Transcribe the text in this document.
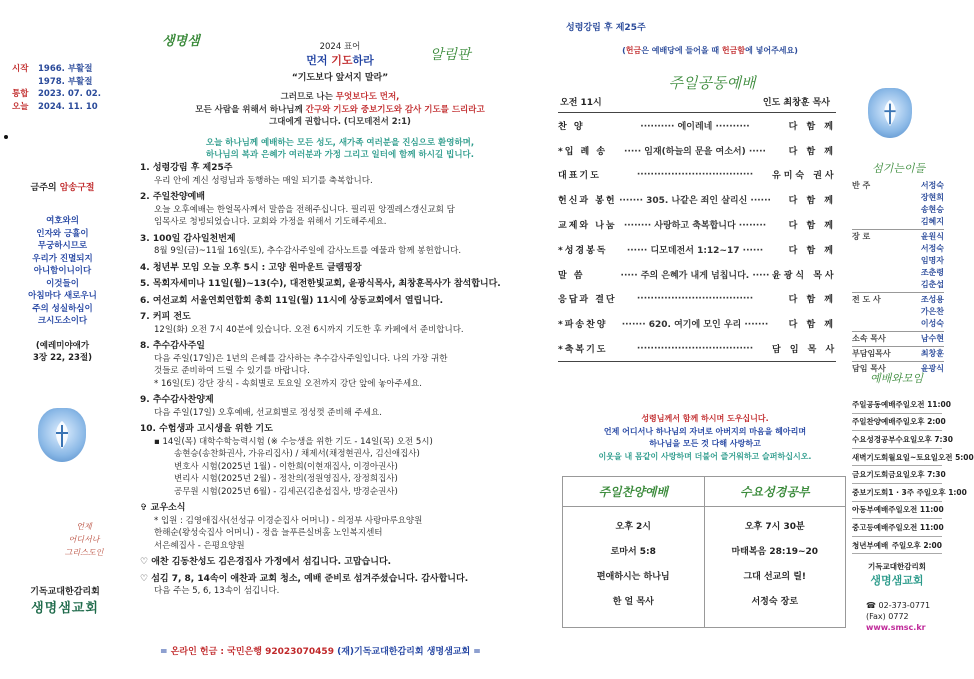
시작 1966. 부활절
1978. 부활절
통합 2023. 07. 02.
오늘 2024. 11. 10
금주의 암송구절
여호와의
인자와 긍휼이
무궁하시므로
우리가 진멸되지
아니함이니이다
이것들이
아침마다 새로우니
주의 성실하심이
크시도소이다
(예레미야애가
3장 22, 23절)
언제
어디서나
그리스도인
기독교대한감리회
생명샘교회
생명샘	2024 표어
먼저 기도하라
“기도보다 앞서지 말라”
그러므로 나는 무엇보다도 먼저,
모든 사람을 위해서 하나님께 간구와 기도와 중보기도와 감사 기도를 드리라고
그대에게 권합니다. (디모데전서 2:1)
오늘 하나님께 예배하는 모든 성도, 새가족 여러분을 진심으로 환영하며,
하나님의 복과 은혜가 여러분과 가정 그리고 일터에 함께 하시길 빕니다.
알림판
1. 성령강림 후 제25주
우리 안에 계신 성령님과 동행하는 매일 되기를 축복합니다.
2. 주일찬양예배
오늘 오후예배는 한얼목사께서 말씀을 전해주십니다. 필리핀 앙겔레스갱신교회 담
임목사로 청빙되었습니다. 교회와 가정을 위해서 기도해주세요.
3. 100일 감사일천번제
8월 9일(금)~11월 16일(토), 추수감사주일에 감사노트를 예물과 함께 봉헌합니다.
4. 청년부 모임 오늘 오후 5시 : 고양 원마운트 글램핑장
5. 목회자세미나 11일(월)~13(수), 대전한빛교회, 윤광식목사, 최창훈목사가 참석합니다.
6. 여선교회 서울연회연합회 총회 11일(월) 11시에 상동교회에서 열립니다.
7. 커피 전도
12일(화) 오전 7시 40분에 있습니다. 오전 6시까지 기도한 후 카페에서 준비합니다.
8. 추수감사주일
다음 주일(17일)은 1년의 은혜를 감사하는 추수감사주일입니다. 나의 가장 귀한
것들로 준비하여 드릴 수 있기를 바랍니다.
* 16일(토) 강단 장식 - 속회별로 토요일 오전까지 강단 앞에 놓아주세요.
9. 추수감사찬양제
다음 주일(17일) 오후예배, 선교회별로 정성껏 준비해 주세요.
10. 수험생과 고시생을 위한 기도
▪ 14일(목) 대학수학능력시험 (※ 수능생을 위한 기도 - 14일(목) 오전 5시)
송현승(송찬화권사, 가유리집사) / 채제서(채정현권사, 김신애집사)
변호사 시험(2025년 1월) - 이한희(이현재집사, 이경아권사)
변리사 시험(2025년 2월) - 정찬의(정원영집사, 장정희집사)
공무원 시험(2025년 6월) - 김세곤(김춘섭집사, 방경순권사)
✞ 교우소식
* 입원 : 김영애집사(선성규 이경순집사 어머니) - 의정부 사랑마루요양원
한해순(왕성숙집사 어머니) - 정읍 늘푸른실버홈 노인복지센터
서은혜집사 - 은평요양원
♡ 애찬 김동찬성도 김은경집사 가정에서 섬깁니다. 고맙습니다.
♡ 섬김 7, 8, 14속이 애찬과 교회 청소, 예배 준비로 섬겨주셨습니다. 감사합니다.
다음 주는 5, 6, 13속이 섬깁니다.
= 온라인 헌금 : 국민은행 92023070459 (재)기독교대한감리회 생명샘교회 =
성령강림 후 제25주
(헌금은 예배당에 들어올 때 헌금함에 넣어주세요)
주일공동예배
오전 11시	인도 최창훈 목사
찬 양	·········· 에이레네 ··········	다 함 께
*입 례 송	····· 임재(하늘의 문을 여소서) ·····	다 함 께
대표기도	··································	유미숙 권사
헌신과 봉헌 ······· 305. 나같은 죄인 살리신 ······	다 함 께
교제와 나눔 ········ 사랑하고 축복합니다 ········	다 함 께
*성경봉독	······ 디모데전서 1:12~17 ······	다 함 께
말 씀	····· 주의 은혜가 내게 넘칩니다. ····· 윤광식 목사
응답과 결단	··································	다 함 께
*파송찬양	······· 620. 여기에 모인 우리 ·······	다 함 께
*축복기도	··································	담 임 목 사
성령님께서 함께 하시며 도우십니다.
언제 어디서나 하나님의 자녀로 아버지의 마음을 헤아리며
하나님을 모든 것 다해 사랑하고
이웃을 내 몸같이 사랑하며 더불어 즐거워하고 슬퍼하십시오.
주일찬양예배
오후 2시
로마서 5:8
편애하시는 하나님
한 얼 목사
수요성경공부
오후 7시 30분
마태복음 28:19~20
그대 선교의 릴!
서정숙 장로
섬기는이들
반 주	서정숙
장현희
송현승
김혜지
장 로	윤원식
서정숙
임명자
조춘령
김춘섭
전 도 사	조성용
가은찬
이성숙
소속 목사	남수현
부담임목사	최창훈
담임 목사	윤광식
예배와모임
주일공동예배 주일오전 11:00
주일찬양예배 주일오후 2:00
수요성경공부 수요일오후 7:30
새벽기도회 월요일~토요일오전 5:00
금요기도회 금요일오후 7:30
중보기도회 1 · 3주 주일오후 1:00
아동부예배 주일오전 11:00
중고등예배 주일오전 11:00
청년부예배 주일오후 2:00
기독교대한감리회
생명샘교회
☎ 02-373-0771
(Fax) 0772
www.smsc.kr
